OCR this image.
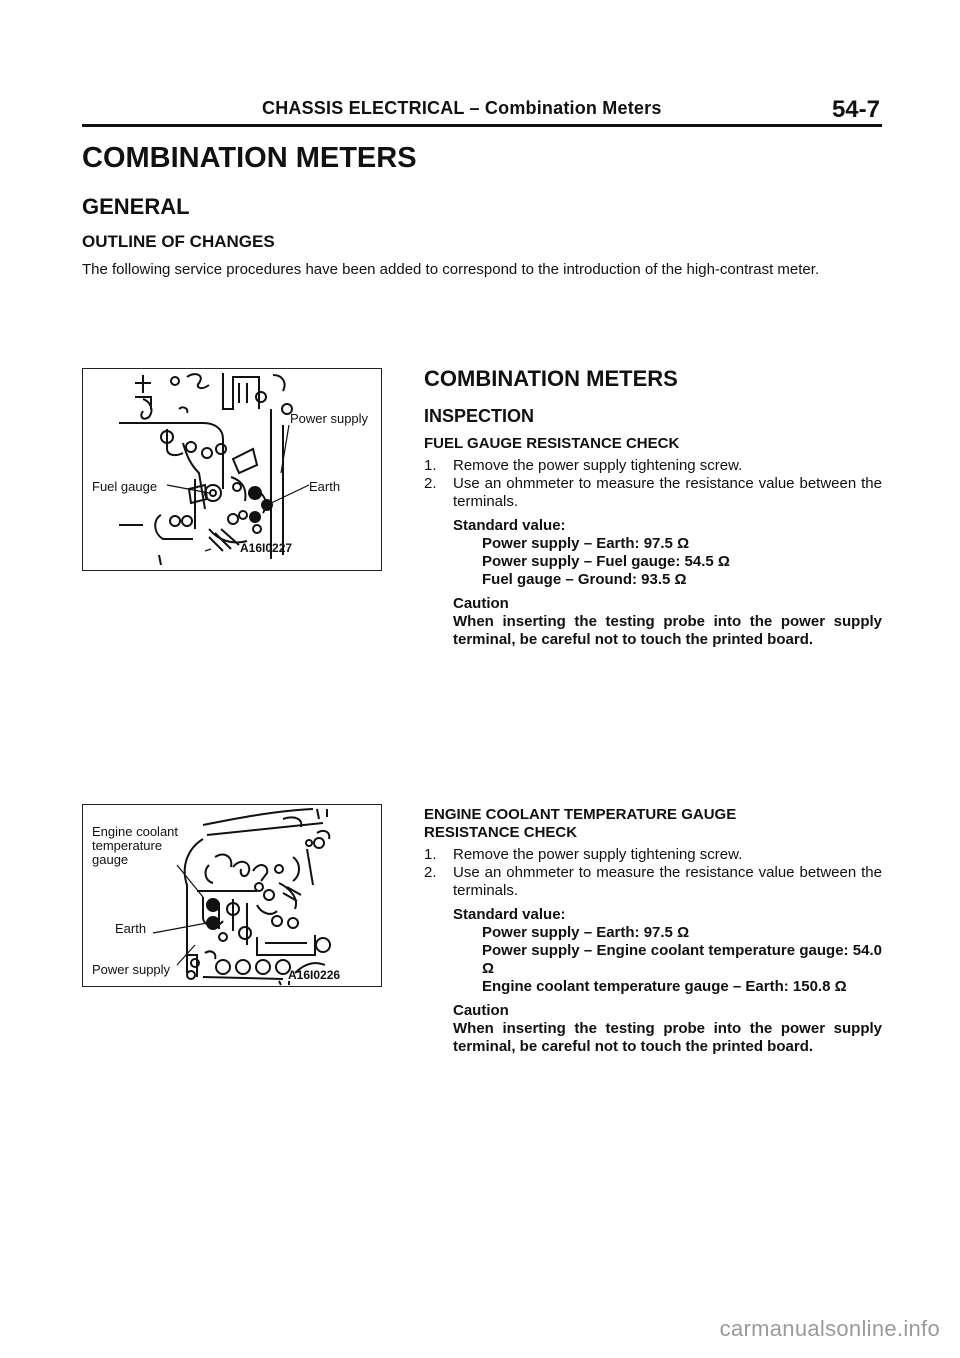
CHASSIS ELECTRICAL – Combination Meters	54-7
COMBINATION METERS
GENERAL
OUTLINE OF CHANGES
The following service procedures have been added to correspond to the introduction of the high-contrast meter.
Power supply
Fuel gauge	Earth
A16I0227
Engine coolant
temperature
gauge
Earth
Power supply	A16I0226
COMBINATION METERS
INSPECTION
FUEL GAUGE RESISTANCE CHECK
1. Remove the power supply tightening screw.
2. Use an ohmmeter to measure the resistance value between the terminals.
Standard value:
Power supply – Earth: 97.5 Ω
Power supply – Fuel gauge: 54.5 Ω
Fuel gauge – Ground: 93.5 Ω
Caution
When inserting the testing probe into the power supply terminal, be careful not to touch the printed board.
ENGINE COOLANT TEMPERATURE GAUGE
RESISTANCE CHECK
1. Remove the power supply tightening screw.
2. Use an ohmmeter to measure the resistance value between the terminals.
Standard value:
Power supply – Earth: 97.5 Ω
Power supply – Engine coolant temperature gauge: 54.0 Ω
Engine coolant temperature gauge – Earth: 150.8 Ω
Caution
When inserting the testing probe into the power supply terminal, be careful not to touch the printed board.
carmanualsonline.info
